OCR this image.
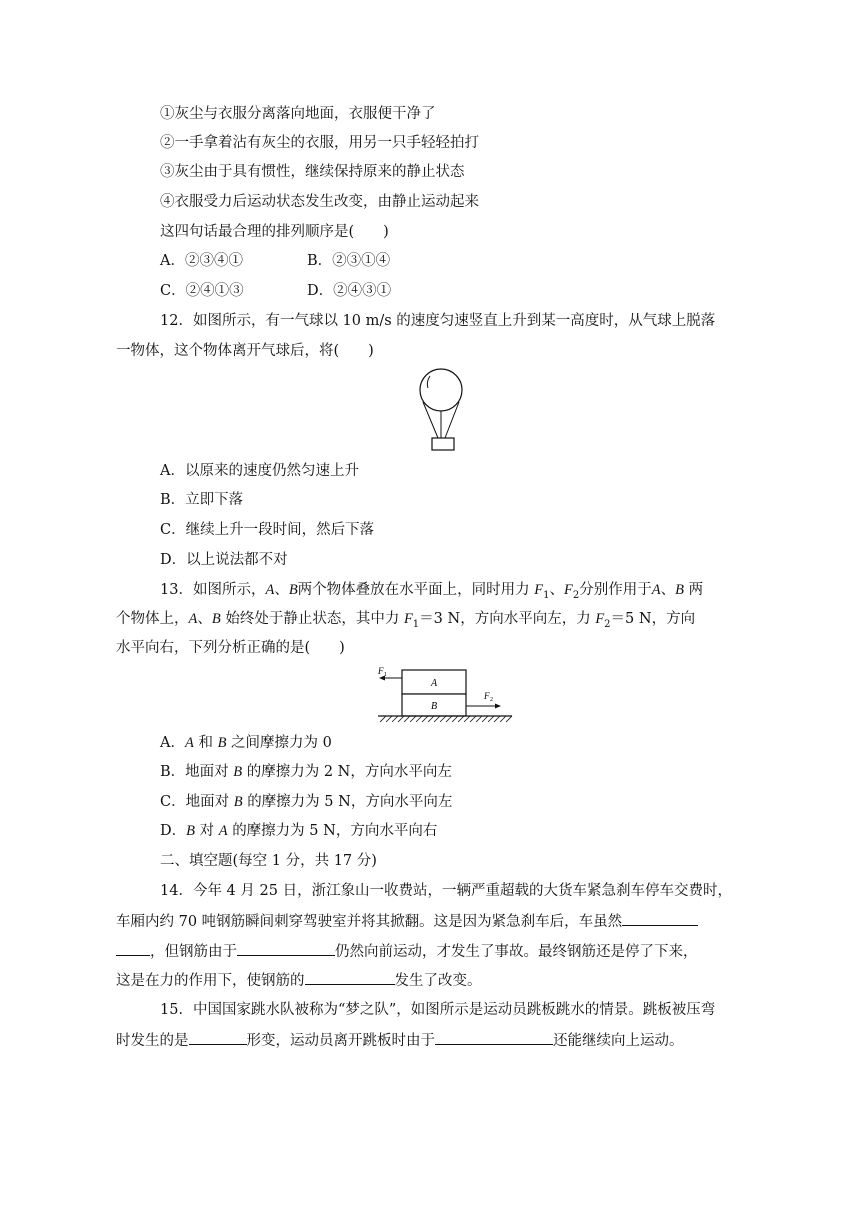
①灰尘与衣服分离落向地面，衣服便干净了
②一手拿着沾有灰尘的衣服，用另一只手轻轻拍打
③灰尘由于具有惯性，继续保持原来的静止状态
④衣服受力后运动状态发生改变，由静止运动起来
这四句话最合理的排列顺序是(　　)
A．②③④①	B．②③①④
C．②④①③	D．②④③①
12．如图所示，有一气球以 10 m/s 的速度匀速竖直上升到某一高度时，从气球上脱落
一物体，这个物体离开气球后，将(　　)
A．以原来的速度仍然匀速上升
B．立即下落
C．继续上升一段时间，然后下落
D．以上说法都不对
13．如图所示，A、B两个物体叠放在水平面上，同时用力 $F_1$、$F_2$分别作用于A、B 两
个物体上，A、B 始终处于静止状态，其中力 $F_1=3$ N，方向水平向左，力 $F_2=5$ N，方向
水平向右，下列分析正确的是(　　)
F 1
F 2
A
B
A．A 和 B 之间摩擦力为 0
B．地面对 B 的摩擦力为 2 N，方向水平向左
C．地面对 B 的摩擦力为 5 N，方向水平向左
D．B 对 A 的摩擦力为 5 N，方向水平向右
二、填空题(每空 1 分，共 17 分)
14．今年 4 月 25 日，浙江象山一收费站，一辆严重超载的大货车紧急刹车停车交费时，
车厢内约 70 吨钢筋瞬间刺穿驾驶室并将其掀翻。这是因为紧急刹车后，车虽然
，但钢筋由于	仍然向前运动，才发生了事故。最终钢筋还是停了下来，
这是在力的作用下，使钢筋的	发生了改变。
15．中国国家跳水队被称为“梦之队”，如图所示是运动员跳板跳水的情景。跳板被压弯
时发生的是	形变，运动员离开跳板时由于	还能继续向上运动。
